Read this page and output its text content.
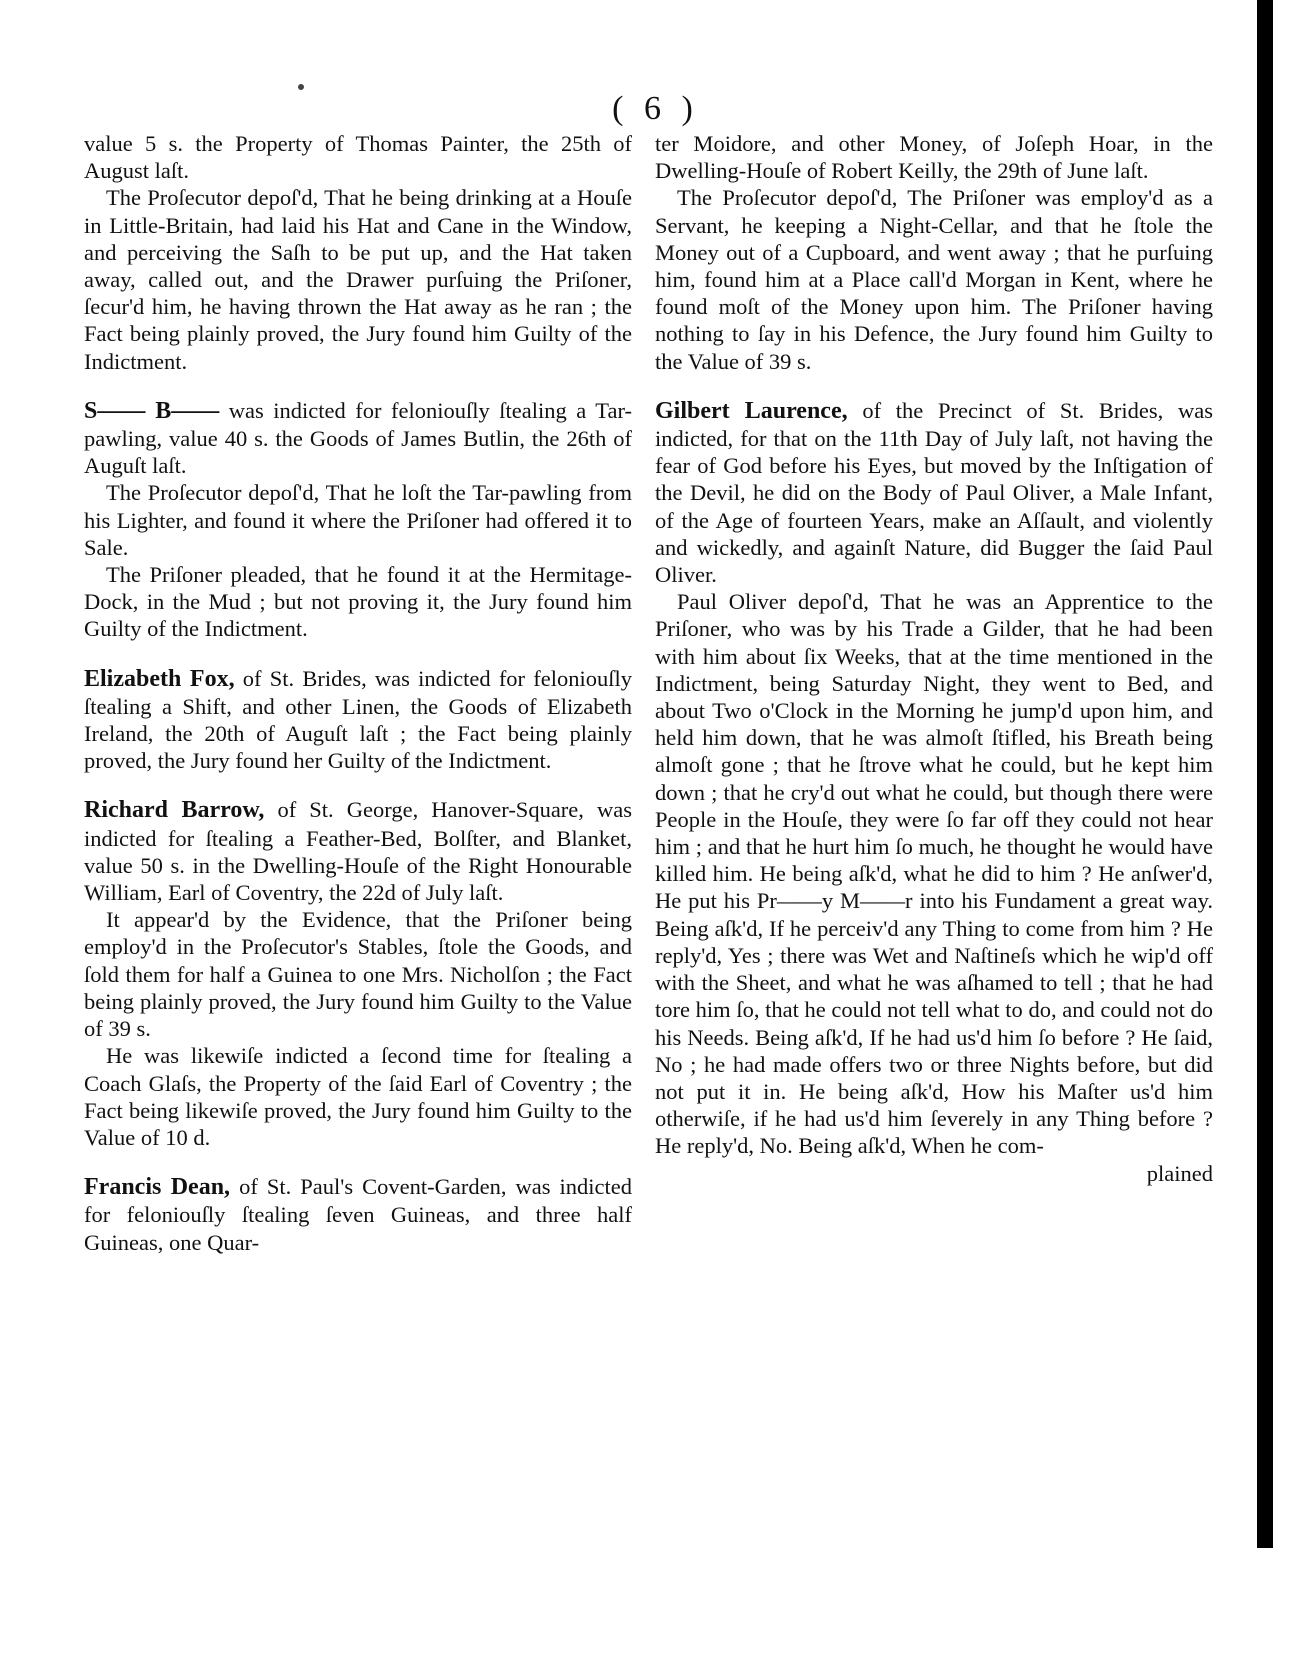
( 6 )

value 5 s. the Property of Thomas Painter, the 25th of August laſt.

The Proſecutor depoſ'd, That he being drinking at a Houſe in Little-Britain, had laid his Hat and Cane in the Window, and perceiving the Saſh to be put up, and the Hat taken away, called out, and the Drawer purſuing the Priſoner, ſecur'd him, he having thrown the Hat away as he ran ; the Fact being plainly proved, the Jury found him Guilty of the Indictment.

S—— B—— was indicted for feloniouſly ſtealing a Tar-pawling, value 40 s. the Goods of James Butlin, the 26th of Auguſt laſt.

The Proſecutor depoſ'd, That he loſt the Tar-pawling from his Lighter, and found it where the Priſoner had offered it to Sale.

The Priſoner pleaded, that he found it at the Hermitage-Dock, in the Mud ; but not proving it, the Jury found him Guilty of the Indictment.

Elizabeth Fox, of St. Brides, was indicted for feloniouſly ſtealing a Shift, and other Linen, the Goods of Elizabeth Ireland, the 20th of Auguſt laſt ; the Fact being plainly proved, the Jury found her Guilty of the Indictment.

Richard Barrow, of St. George, Hanover-Square, was indicted for ſtealing a Feather-Bed, Bolſter, and Blanket, value 50 s. in the Dwelling-Houſe of the Right Honourable William, Earl of Coventry, the 22d of July laſt.

It appear'd by the Evidence, that the Priſoner being employ'd in the Proſecutor's Stables, ſtole the Goods, and ſold them for half a Guinea to one Mrs. Nicholſon ; the Fact being plainly proved, the Jury found him Guilty to the Value of 39 s.

He was likewiſe indicted a ſecond time for ſtealing a Coach Glaſs, the Property of the ſaid Earl of Coventry ; the Fact being likewiſe proved, the Jury found him Guilty to the Value of 10 d.

Francis Dean, of St. Paul's Covent-Garden, was indicted for feloniouſly ſtealing ſeven Guineas, and three half Guineas, one Quar-

ter Moidore, and other Money, of Joſeph Hoar, in the Dwelling-Houſe of Robert Keilly, the 29th of June laſt.

The Proſecutor depoſ'd, The Priſoner was employ'd as a Servant, he keeping a Night-Cellar, and that he ſtole the Money out of a Cupboard, and went away ; that he purſuing him, found him at a Place call'd Morgan in Kent, where he found moſt of the Money upon him. The Priſoner having nothing to ſay in his Defence, the Jury found him Guilty to the Value of 39 s.

Gilbert Laurence, of the Precinct of St. Brides, was indicted, for that on the 11th Day of July laſt, not having the fear of God before his Eyes, but moved by the Inſtigation of the Devil, he did on the Body of Paul Oliver, a Male Infant, of the Age of fourteen Years, make an Aſſault, and violently and wickedly, and againſt Nature, did Bugger the ſaid Paul Oliver.

Paul Oliver depoſ'd, That he was an Apprentice to the Priſoner, who was by his Trade a Gilder, that he had been with him about ſix Weeks, that at the time mentioned in the Indictment, being Saturday Night, they went to Bed, and about Two o'Clock in the Morning he jump'd upon him, and held him down, that he was almoſt ſtifled, his Breath being almoſt gone ; that he ſtrove what he could, but he kept him down ; that he cry'd out what he could, but though there were People in the Houſe, they were ſo far off they could not hear him ; and that he hurt him ſo much, he thought he would have killed him. He being aſk'd, what he did to him ? He anſwer'd, He put his Pr——y M——r into his Fundament a great way. Being aſk'd, If he perceiv'd any Thing to come from him ? He reply'd, Yes ; there was Wet and Naſtineſs which he wip'd off with the Sheet, and what he was aſhamed to tell ; that he had tore him ſo, that he could not tell what to do, and could not do his Needs. Being aſk'd, If he had us'd him ſo before ? He ſaid, No ; he had made offers two or three Nights before, but did not put it in. He being aſk'd, How his Maſter us'd him otherwiſe, if he had us'd him ſeverely in any Thing before ? He reply'd, No. Being aſk'd, When he com-

plained
